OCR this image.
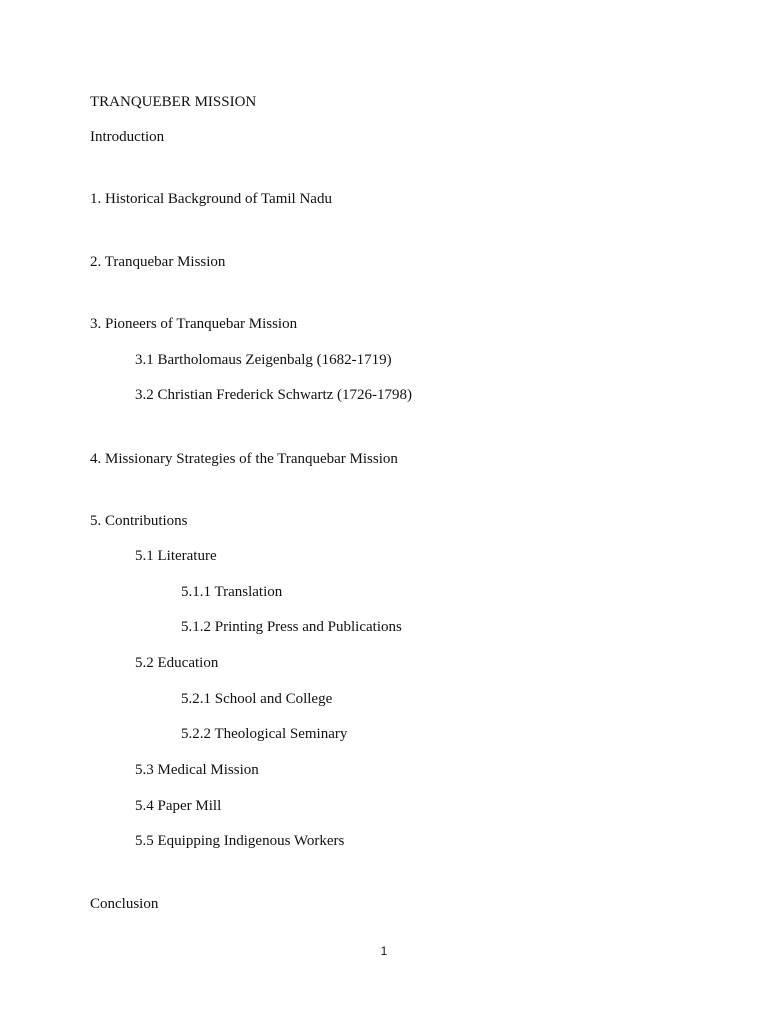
TRANQUEBER MISSION
Introduction
1. Historical Background of Tamil Nadu
2. Tranquebar Mission
3. Pioneers of Tranquebar Mission
3.1 Bartholomaus Zeigenbalg (1682-1719)
3.2 Christian Frederick Schwartz (1726-1798)
4. Missionary Strategies of the Tranquebar Mission
5. Contributions
5.1 Literature
5.1.1 Translation
5.1.2 Printing Press and Publications
5.2 Education
5.2.1 School and College
5.2.2 Theological Seminary
5.3 Medical Mission
5.4 Paper Mill
5.5 Equipping Indigenous Workers
Conclusion
1
